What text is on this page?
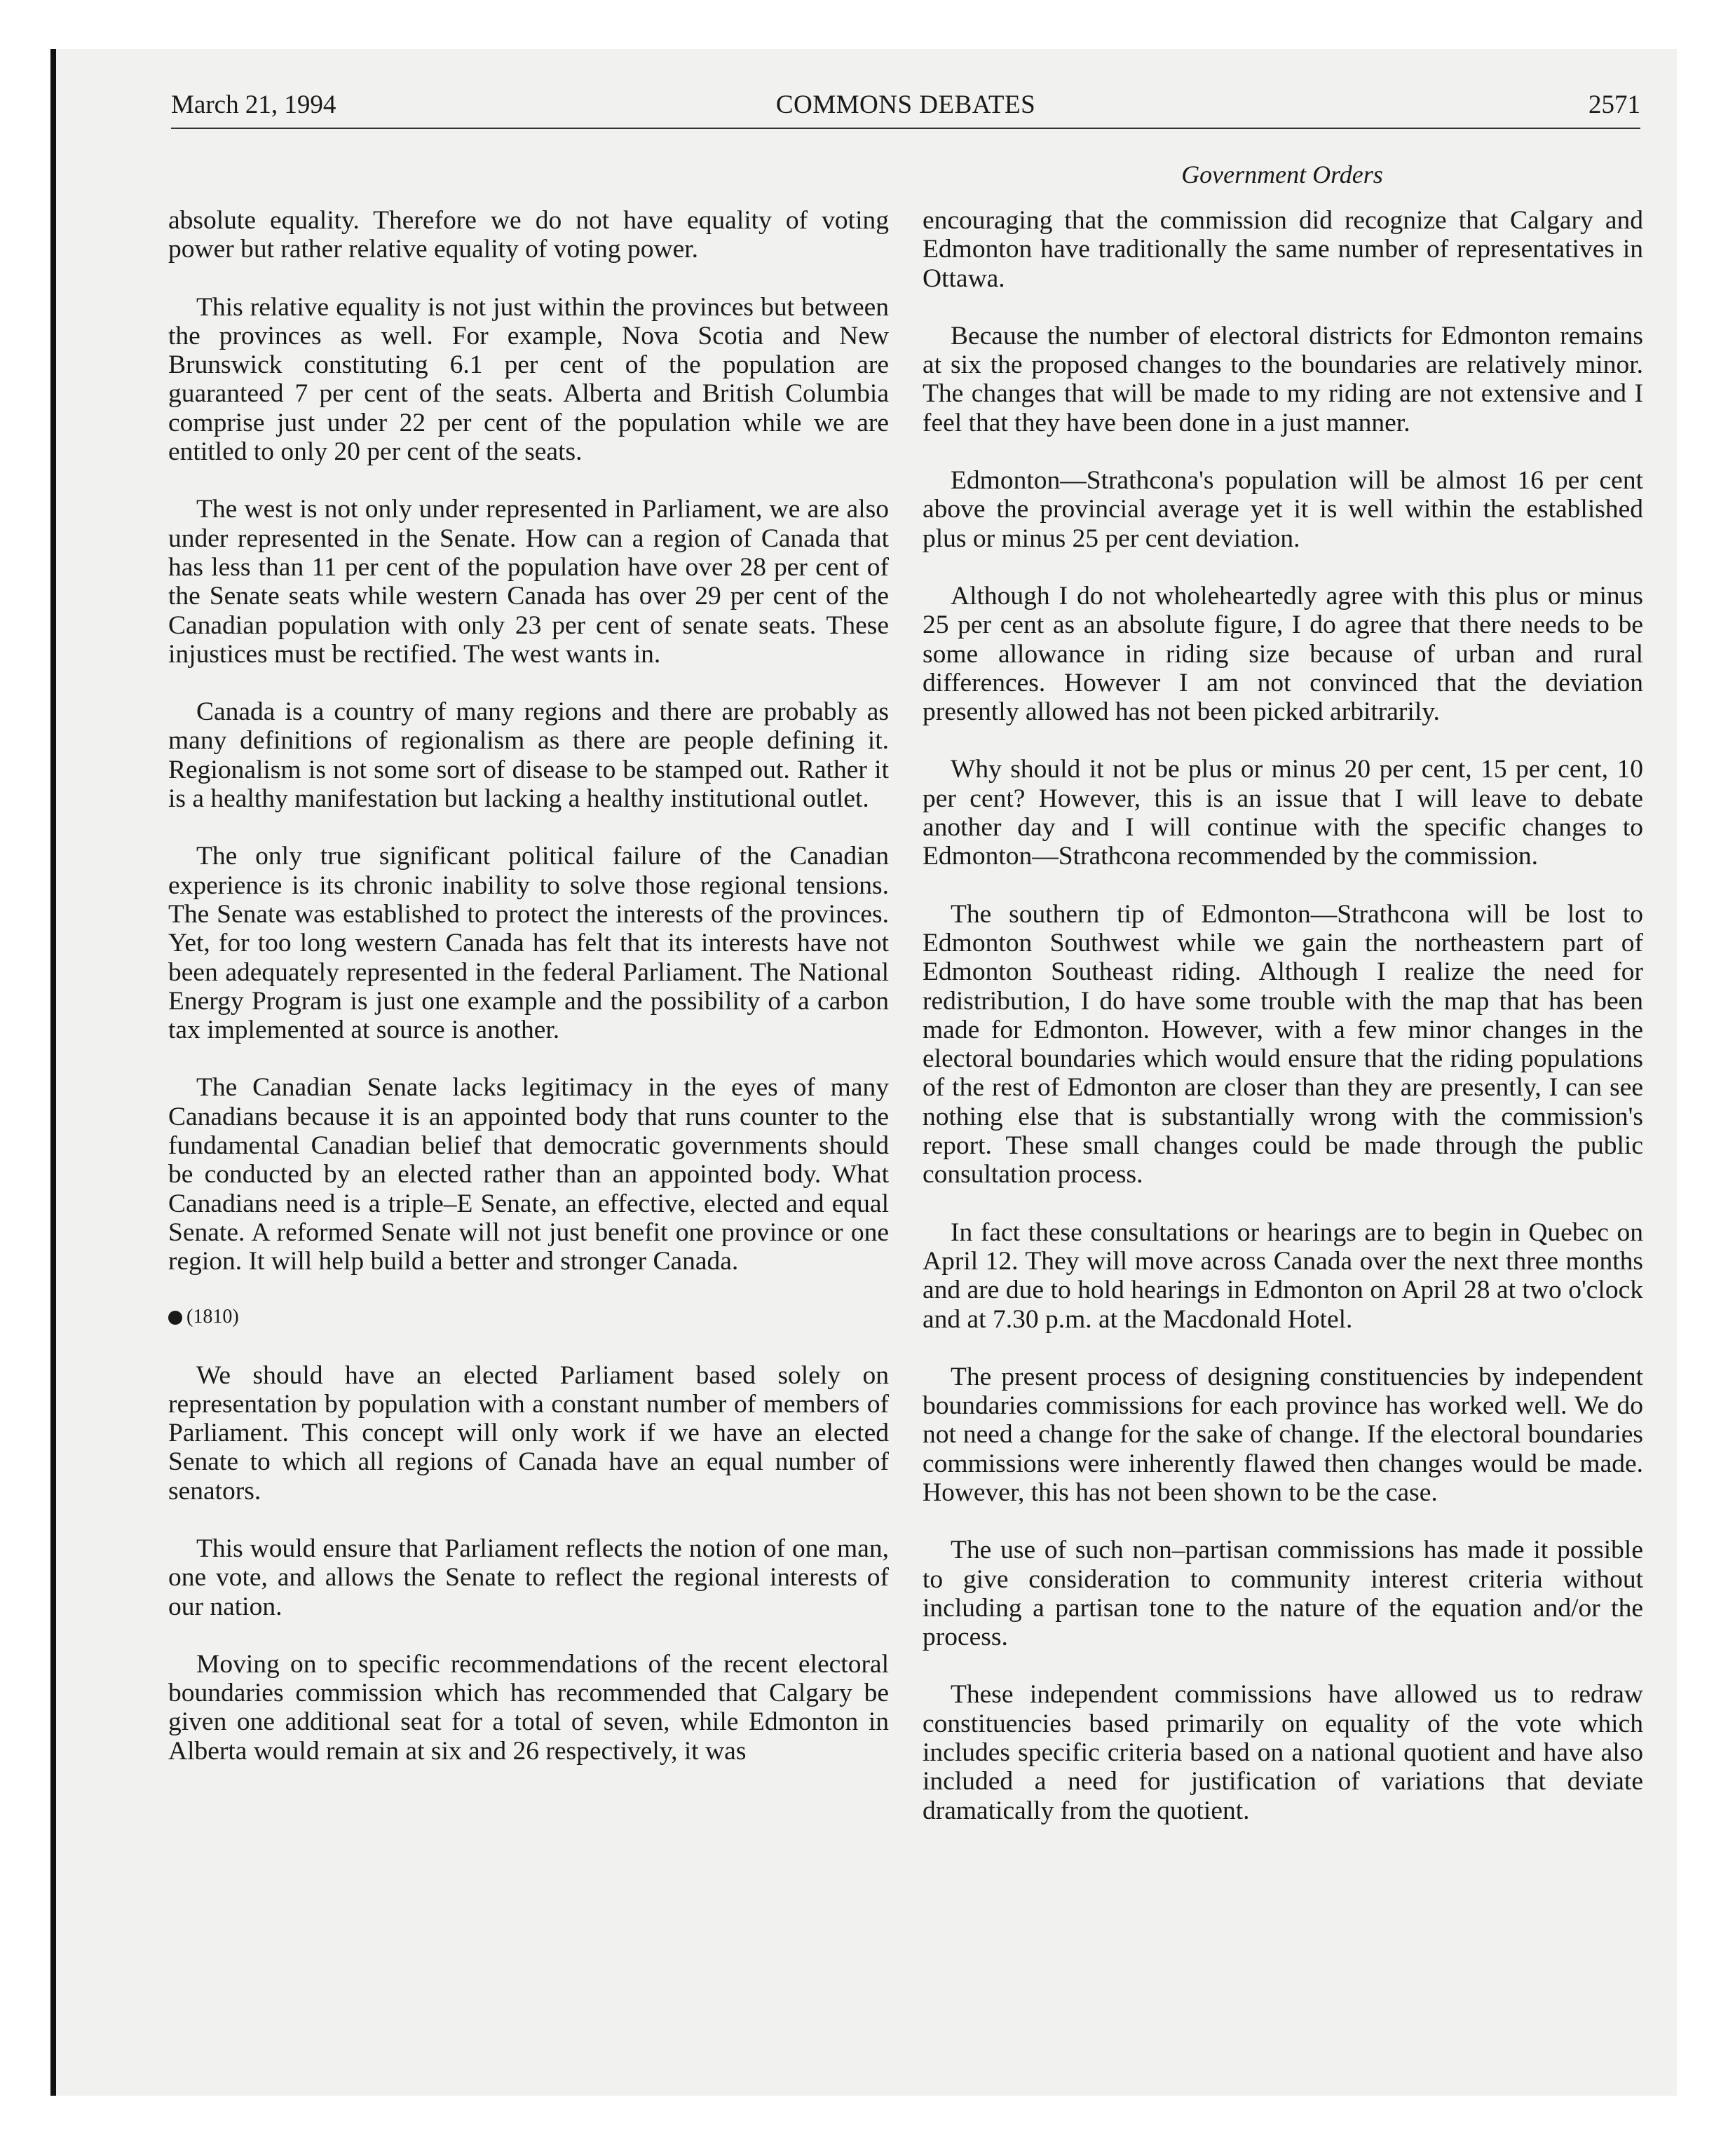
March 21, 1994	COMMONS DEBATES	2571
Government Orders

absolute equality. Therefore we do not have equality of voting power but rather relative equality of voting power.

This relative equality is not just within the provinces but between the provinces as well. For example, Nova Scotia and New Brunswick constituting 6.1 per cent of the population are guaranteed 7 per cent of the seats. Alberta and British Columbia comprise just under 22 per cent of the population while we are entitled to only 20 per cent of the seats.

The west is not only under represented in Parliament, we are also under represented in the Senate. How can a region of Canada that has less than 11 per cent of the population have over 28 per cent of the Senate seats while western Canada has over 29 per cent of the Canadian population with only 23 per cent of senate seats. These injustices must be rectified. The west wants in.

Canada is a country of many regions and there are probably as many definitions of regionalism as there are people defining it. Regionalism is not some sort of disease to be stamped out. Rather it is a healthy manifestation but lacking a healthy institutional outlet.

The only true significant political failure of the Canadian experience is its chronic inability to solve those regional tensions. The Senate was established to protect the interests of the provinces. Yet, for too long western Canada has felt that its interests have not been adequately represented in the federal Parliament. The National Energy Program is just one example and the possibility of a carbon tax implemented at source is another.

The Canadian Senate lacks legitimacy in the eyes of many Canadians because it is an appointed body that runs counter to the fundamental Canadian belief that democratic governments should be conducted by an elected rather than an appointed body. What Canadians need is a triple–E Senate, an effective, elected and equal Senate. A reformed Senate will not just benefit one province or one region. It will help build a better and stronger Canada.

(1810)

We should have an elected Parliament based solely on representation by population with a constant number of members of Parliament. This concept will only work if we have an elected Senate to which all regions of Canada have an equal number of senators.

This would ensure that Parliament reflects the notion of one man, one vote, and allows the Senate to reflect the regional interests of our nation.

Moving on to specific recommendations of the recent electoral boundaries commission which has recommended that Calgary be given one additional seat for a total of seven, while Edmonton in Alberta would remain at six and 26 respectively, it was

encouraging that the commission did recognize that Calgary and Edmonton have traditionally the same number of representatives in Ottawa.

Because the number of electoral districts for Edmonton remains at six the proposed changes to the boundaries are relatively minor. The changes that will be made to my riding are not extensive and I feel that they have been done in a just manner.

Edmonton—Strathcona's population will be almost 16 per cent above the provincial average yet it is well within the established plus or minus 25 per cent deviation.

Although I do not wholeheartedly agree with this plus or minus 25 per cent as an absolute figure, I do agree that there needs to be some allowance in riding size because of urban and rural differences. However I am not convinced that the deviation presently allowed has not been picked arbitrarily.

Why should it not be plus or minus 20 per cent, 15 per cent, 10 per cent? However, this is an issue that I will leave to debate another day and I will continue with the specific changes to Edmonton—Strathcona recommended by the commission.

The southern tip of Edmonton—Strathcona will be lost to Edmonton Southwest while we gain the northeastern part of Edmonton Southeast riding. Although I realize the need for redistribution, I do have some trouble with the map that has been made for Edmonton. However, with a few minor changes in the electoral boundaries which would ensure that the riding populations of the rest of Edmonton are closer than they are presently, I can see nothing else that is substantially wrong with the commission's report. These small changes could be made through the public consultation process.

In fact these consultations or hearings are to begin in Quebec on April 12. They will move across Canada over the next three months and are due to hold hearings in Edmonton on April 28 at two o'clock and at 7.30 p.m. at the Macdonald Hotel.

The present process of designing constituencies by independent boundaries commissions for each province has worked well. We do not need a change for the sake of change. If the electoral boundaries commissions were inherently flawed then changes would be made. However, this has not been shown to be the case.

The use of such non–partisan commissions has made it possible to give consideration to community interest criteria without including a partisan tone to the nature of the equation and/or the process.

These independent commissions have allowed us to redraw constituencies based primarily on equality of the vote which includes specific criteria based on a national quotient and have also included a need for justification of variations that deviate dramatically from the quotient.
